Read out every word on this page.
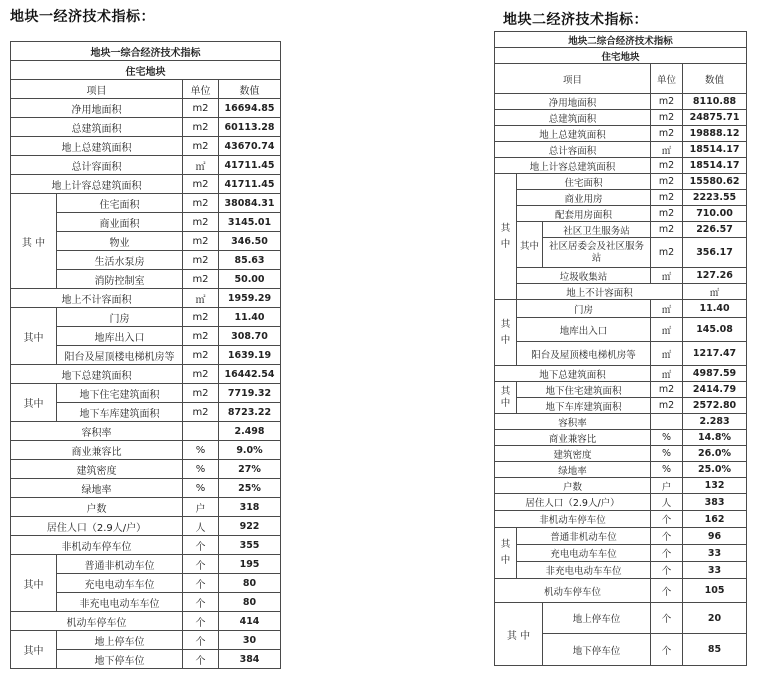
地块一经济技术指标：
地块一综合经济技术指标			
住宅地块			
项目		单位	数值
净用地面积		m2	16694.85
总建筑面积		m2	60113.28
地上总建筑面积		m2	43670.74
总计容面积		㎡	41711.45
地上计容总建筑面积		m2	41711.45
其 中	住宅面积	m2	38084.31
	商业面积	m2	3145.01
	物业	m2	346.50
	生活水泵房	m2	85.63
	消防控制室	m2	50.00
地上不计容面积		㎡	1959.29
其中	门房	m2	11.40
	地库出入口	m2	308.70
	阳台及屋顶楼电梯机房等	m2	1639.19
地下总建筑面积		m2	16442.54
其中	地下住宅建筑面积	m2	7719.32
	地下车库建筑面积	m2	8723.22
容积率			2.498
商业兼容比		%	9.0%
建筑密度		%	27%
绿地率		%	25%
户数		户	318
居住人口（2.9人/户）		人	922
非机动车停车位		个	355
其中	普通非机动车位	个	195
	充电电动车车位	个	80
	非充电电动车车位	个	80
机动车停车位		个	414
其中	地上停车位	个	30
	地下停车位	个	384
地块二经济技术指标：
地块二综合经济技术指标					
住宅地块					
项目			单位	数值	
净用地面积			m2	8110.88	
总建筑面积			m2	24875.71	
地上总建筑面积			m2	19888.12	
总计容面积			㎡	18514.17	
地上计容总建筑面积			m2	18514.17	
其中	住宅面积		m2	15580.62	
	商业用房		m2	2223.55	
	配套用房面积		m2	710.00	
	其中	社区卫生服务站	m2	226.57	
		社区居委会及社区服务站	m2	356.17	
	垃圾收集站		㎡	127.26	
	地上不计容面积			㎡	
其中	门房		㎡	11.40	
	地库出入口		㎡	145.08	
	阳台及屋顶楼电梯机房等		㎡	1217.47	
地下总建筑面积			㎡	4987.59	
其中	地下住宅建筑面积		m2	2414.79	
	地下车库建筑面积		m2	2572.80	
容积率				2.283	
商业兼容比			%	14.8%	
建筑密度			%	26.0%	
绿地率			%	25.0%	
户数			户	132	
居住人口（2.9人/户）			人	383	
非机动车停车位			个	162	
其中	普通非机动车位		个	96	
	充电电动车车位		个	33	
	非充电电动车车位		个	33	
机动车停车位			个	105	
其 中		地上停车位	个	20	
		地下停车位	个	85	
